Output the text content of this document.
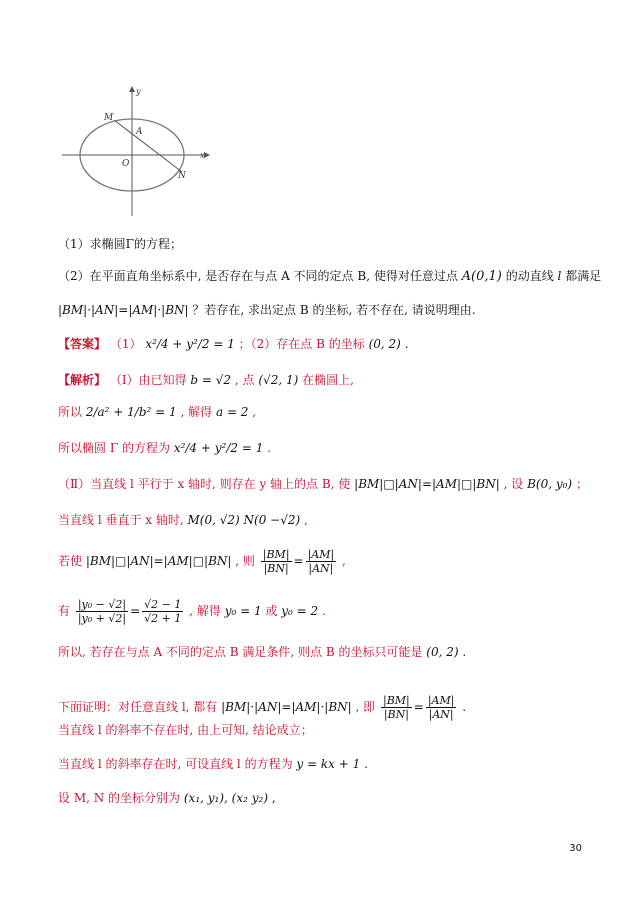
x
y
M
A
O
N
（1）求椭圆Γ的方程；
（2）在平面直角坐标系中, 是否存在与点 A 不同的定点 B, 使得对任意过点 A(0,1) 的动直线 l 都满足
|BM|·|AN|=|AM|·|BN| ？若存在, 求出定点 B 的坐标, 若不存在, 请说明理由.
【答案】 （1） x²/4 + y²/2 = 1 ；（2）存在点 B 的坐标 (0, 2) .
【解析】 （Ⅰ）由已知得 b = √2 , 点 (√2, 1) 在椭圆上,
所以 2/a² + 1/b² = 1 , 解得 a = 2 ,
所以椭圆 Γ 的方程为 x²/4 + y²/2 = 1 .
（Ⅱ）当直线 l 平行于 x 轴时, 则存在 y 轴上的点 B, 使 |BM|□|AN|=|AM|□|BN| , 设 B(0, y₀) ；
当直线 l 垂直于 x 轴时, M(0, √2) N(0 −√2) ,
若使 |BM|□|AN|=|AM|□|BN| , 则 $\frac{|BM|}{|BN|} = \frac{|AM|}{|AN|}$ ,
有 $\frac{\text{|y₀ − √2|}}{\text{|y₀ + √2|}} = \frac{√2 - 1}{√2 + 1}$ , 解得 y₀ = 1 或 y₀ = 2 .
所以, 若存在与点 A 不同的定点 B 满足条件, 则点 B 的坐标只可能是 (0, 2) .
下面证明：对任意直线 l, 都有 |BM|·|AN|=|AM|·|BN| , 即 $\frac{|BM|}{|BN|} = \frac{|AM|}{|AN|}$ .
当直线 l 的斜率不存在时, 由上可知, 结论成立；
当直线 l 的斜率存在时, 可设直线 l 的方程为 y = kx + 1 .
设 M, N 的坐标分别为 (x₁, y₁), (x₂ y₂) ,
30
